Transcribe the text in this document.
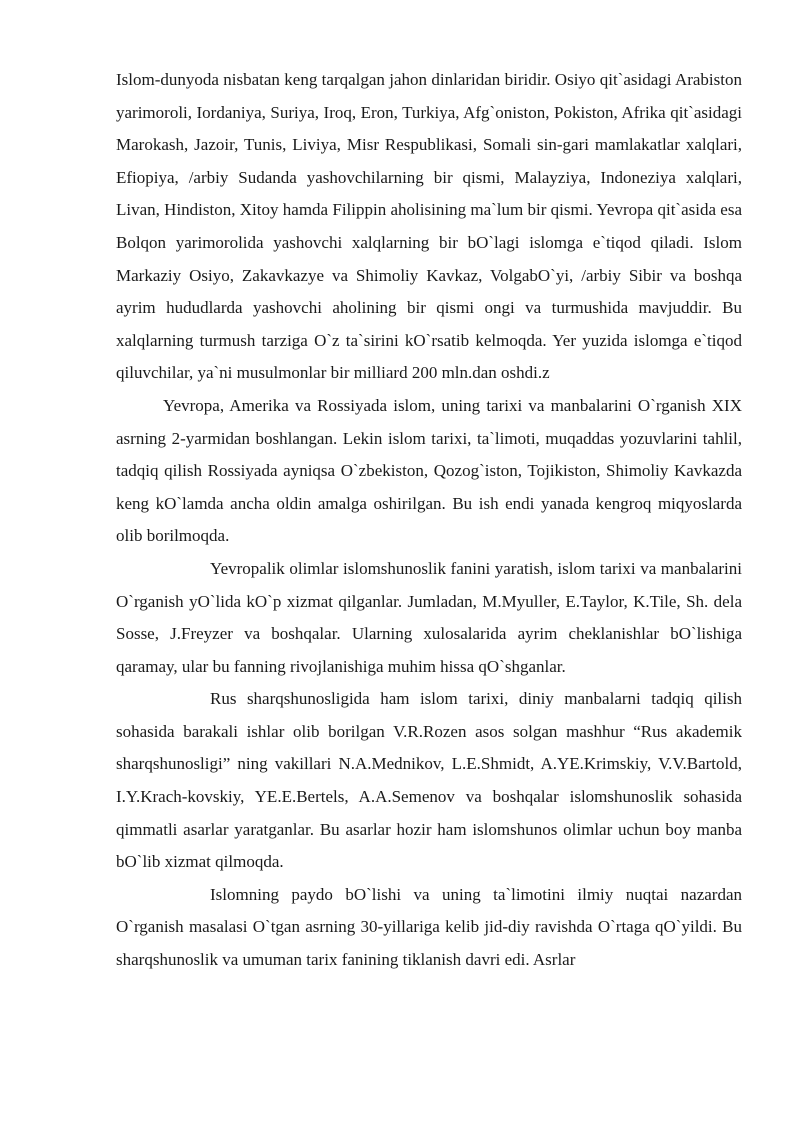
Islom-dunyoda nisbatan keng tarqalgan jahon dinlaridan biridir. Osiyo qit`asidagi Arabiston yarimoroli, Iordaniya, Suriya, Iroq, Eron, Turkiya, Afg`oniston, Pokiston, Afrika qit`asidagi Marokash, Jazoir, Tunis, Liviya, Misr Respublikasi, Somali sin-gari mamlakatlar xalqlari, Efiopiya, /arbiy Sudanda yashovchilarning bir qismi, Malayziya, Indoneziya xalqlari, Livan, Hindiston, Xitoy hamda Filippin aholisining ma`lum bir qismi. Yevropa qit`asida esa Bolqon yarimorolida yashovchi xalqlarning bir bO`lagi islomga e`tiqod qiladi. Islom Markaziy Osiyo, Zakavkazye va Shimoliy Kavkaz, VolgabO`yi, /arbiy Sibir va boshqa ayrim hududlarda yashovchi aholining bir qismi ongi va turmushida mavjuddir. Bu xalqlarning turmush tarziga O`z ta`sirini kO`rsatib kelmoqda. Yer yuzida islomga e`tiqod qiluvchilar, ya`ni musulmonlar bir milliard 200 mln.dan oshdi.z

Yevropa, Amerika va Rossiyada islom, uning tarixi va manbalarini O`rganish XIX asrning 2-yarmidan boshlangan. Lekin islom tarixi, ta`limoti, muqaddas yozuvlarini tahlil, tadqiq qilish Rossiyada ayniqsa O`zbekiston, Qozog`iston, Tojikiston, Shimoliy Kavkazda keng kO`lamda ancha oldin amalga oshirilgan. Bu ish endi yanada kengroq miqyoslarda olib borilmoqda.

Yevropalik olimlar islomshunoslik fanini yaratish, islom tarixi va manbalarini O`rganish yO`lida kO`p xizmat qilganlar. Jumladan, M.Myuller, E.Taylor, K.Tile, Sh. dela Sosse, J.Freyzer va boshqalar. Ularning xulosalarida ayrim cheklanishlar bO`lishiga qaramay, ular bu fanning rivojlanishiga muhim hissa qO`shganlar.

Rus sharqshunosligida ham islom tarixi, diniy manbalarni tadqiq qilish sohasida barakali ishlar olib borilgan V.R.Rozen asos solgan mashhur “Rus akademik sharqshunosligi” ning vakillari N.A.Mednikov, L.E.Shmidt, A.YE.Krimskiy, V.V.Bartold, I.Y.Krach-kovskiy, YE.E.Bertels, A.A.Semenov va boshqalar islomshunoslik sohasida qimmatli asarlar yaratganlar. Bu asarlar hozir ham islomshunos olimlar uchun boy manba bO`lib xizmat qilmoqda.

Islomning paydo bO`lishi va uning ta`limotini ilmiy nuqtai nazardan O`rganish masalasi O`tgan asrning 30-yillariga kelib jid-diy ravishda O`rtaga qO`yildi. Bu sharqshunoslik va umuman tarix fanining tiklanish davri edi. Asrlar
